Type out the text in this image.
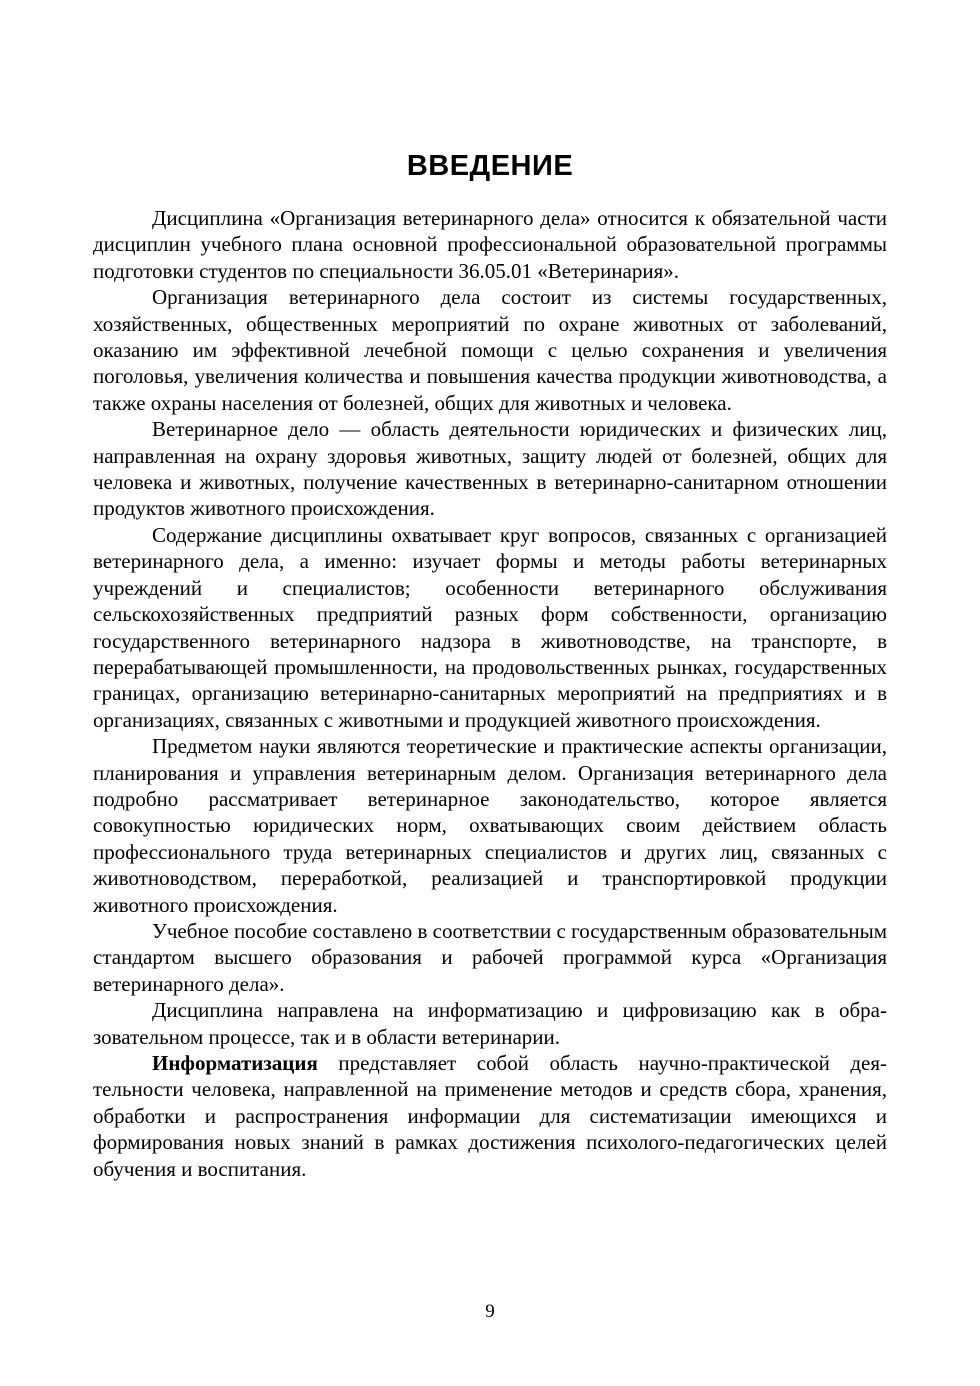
ВВЕДЕНИЕ

Дисциплина «Организация ветеринарного дела» относится к обязательной части дисциплин учебного плана основной профессиональной образовательной программы подготовки студентов по специальности 36.05.01 «Ветеринария».

Организация ветеринарного дела состоит из системы государственных, хозяйственных, общественных мероприятий по охране животных от заболеваний, оказанию им эффективной лечебной помощи с целью сохранения и увеличения поголовья, увеличения количества и повышения качества продукции животноводства, а также охраны населения от болезней, общих для животных и человека.

Ветеринарное дело — область деятельности юридических и физических лиц, направленная на охрану здоровья животных, защиту людей от болезней, общих для человека и животных, получение качественных в ветеринарно-санитарном отношении продуктов животного происхождения.

Содержание дисциплины охватывает круг вопросов, связанных с организацией ветеринарного дела, а именно: изучает формы и методы работы ветеринарных учреждений и специалистов; особенности ветеринарного обслуживания сельскохозяйственных предприятий разных форм собственности, организацию государственного ветеринарного надзора в животноводстве, на транспорте, в перерабатывающей промышленности, на продовольственных рынках, государственных границах, организацию ветеринарно-санитарных мероприятий на предприятиях и в организациях, связанных с животными и продукцией животного происхождения.

Предметом науки являются теоретические и практические аспекты организации, планирования и управления ветеринарным делом. Организация ветеринарного дела подробно рассматривает ветеринарное законодательство, которое является совокупностью юридических норм, охватывающих своим действием область профессионального труда ветеринарных специалистов и других лиц, связанных с животноводством, переработкой, реализацией и транспортировкой продукции животного происхождения.

Учебное пособие составлено в соответствии с государственным образовательным стандартом высшего образования и рабочей программой курса «Организация ветеринарного дела».

Дисциплина направлена на информатизацию и цифровизацию как в образовательном процессе, так и в области ветеринарии.

Информатизация представляет собой область научно-практической деятельности человека, направленной на применение методов и средств сбора, хранения, обработки и распространения информации для систематизации имеющихся и формирования новых знаний в рамках достижения психолого-педагогических целей обучения и воспитания.

9
